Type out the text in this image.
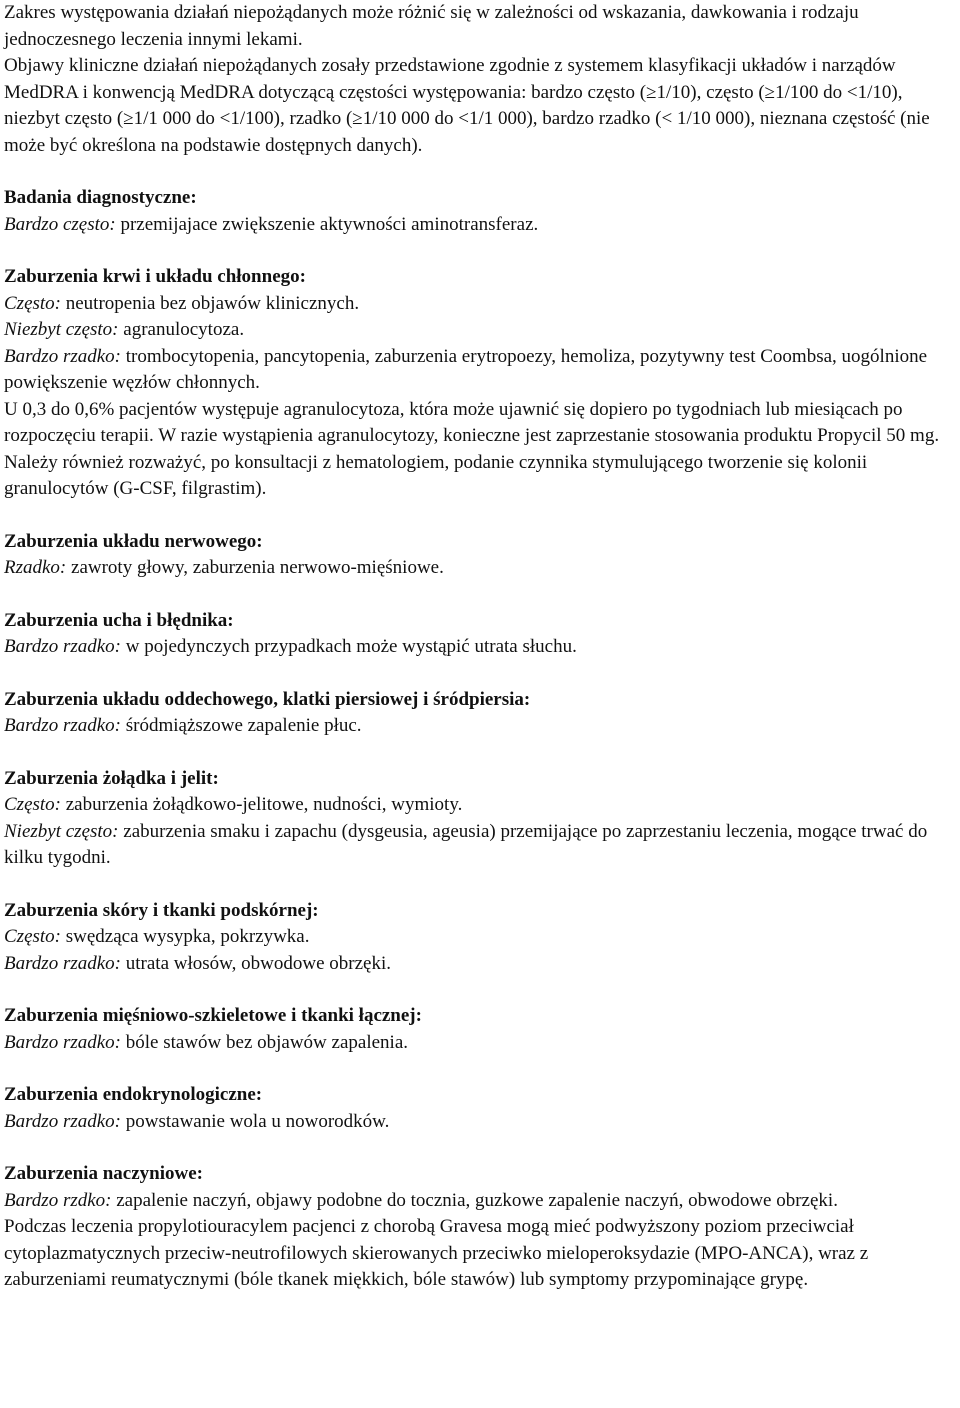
Zakres występowania działań niepożądanych może różnić się w zależności od wskazania, dawkowania i rodzaju jednoczesnego leczenia innymi lekami.

Objawy kliniczne działań niepożądanych zosały przedstawione zgodnie z systemem klasyfikacji układów i narządów MedDRA i konwencją MedDRA dotyczącą częstości występowania: bardzo często (≥1/10), często (≥1/100 do <1/10), niezbyt często (≥1/1 000 do <1/100), rzadko (≥1/10 000 do <1/1 000), bardzo rzadko (< 1/10 000), nieznana częstość (nie może być określona na podstawie dostępnych danych).

Badania diagnostyczne:

Bardzo często: przemijajace zwiększenie aktywności aminotransferaz.

Zaburzenia krwi i układu chłonnego:

Często: neutropenia bez objawów klinicznych.

Niezbyt często: agranulocytoza.

Bardzo rzadko: trombocytopenia, pancytopenia, zaburzenia erytropoezy, hemoliza, pozytywny test Coombsa, uogólnione powiększenie węzłów chłonnych.

U 0,3 do 0,6% pacjentów występuje agranulocytoza, która może ujawnić się dopiero po tygodniach lub miesiącach po rozpoczęciu terapii. W razie wystąpienia agranulocytozy, konieczne jest zaprzestanie stosowania produktu Propycil 50 mg. Należy również rozważyć, po konsultacji z hematologiem, podanie czynnika stymulującego tworzenie się kolonii granulocytów (G-CSF, filgrastim).

Zaburzenia układu nerwowego:

Rzadko: zawroty głowy, zaburzenia nerwowo-mięśniowe.

Zaburzenia ucha i błędnika:

Bardzo rzadko: w pojedynczych przypadkach może wystąpić utrata słuchu.

Zaburzenia układu oddechowego, klatki piersiowej i śródpiersia:

Bardzo rzadko: śródmiąższowe zapalenie płuc.

Zaburzenia żołądka i jelit:

Często: zaburzenia żołądkowo-jelitowe, nudności, wymioty.

Niezbyt często: zaburzenia smaku i zapachu (dysgeusia, ageusia) przemijające po zaprzestaniu leczenia, mogące trwać do kilku tygodni.

Zaburzenia skóry i tkanki podskórnej:

Często: swędząca wysypka, pokrzywka.

Bardzo rzadko: utrata włosów, obwodowe obrzęki.

Zaburzenia mięśniowo-szkieletowe i tkanki łącznej:

Bardzo rzadko: bóle stawów bez objawów zapalenia.

Zaburzenia endokrynologiczne:

Bardzo rzadko: powstawanie wola u noworodków.

Zaburzenia naczyniowe:

Bardzo rzdko: zapalenie naczyń, objawy podobne do tocznia, guzkowe zapalenie naczyń, obwodowe obrzęki.

Podczas leczenia propylotiouracylem pacjenci z chorobą Gravesa mogą mieć podwyższony poziom przeciwciał cytoplazmatycznych przeciw-neutrofilowych skierowanych przeciwko mieloperoksydazie (MPO-ANCA), wraz z zaburzeniami reumatycznymi (bóle tkanek miękkich, bóle stawów) lub symptomy przypominające grypę.
